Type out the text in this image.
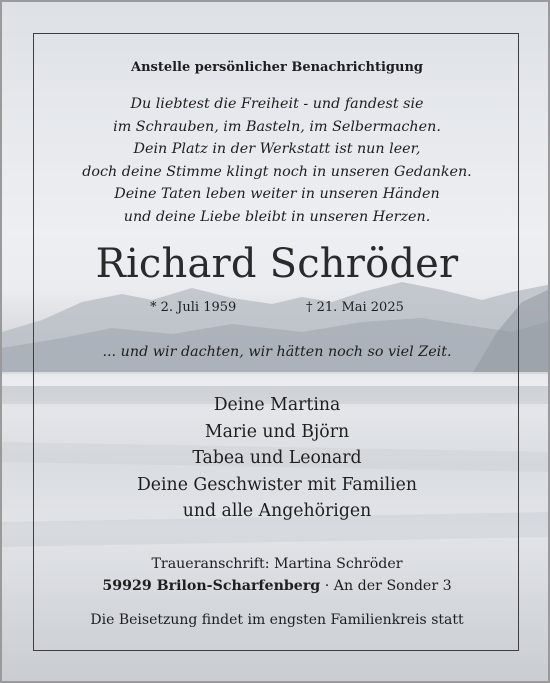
Anstelle persönlicher Benachrichtigung
Du liebtest die Freiheit - und fandest sie
im Schrauben, im Basteln, im Selbermachen.
Dein Platz in der Werkstatt ist nun leer,
doch deine Stimme klingt noch in unseren Gedanken.
Deine Taten leben weiter in unseren Händen
und deine Liebe bleibt in unseren Herzen.
Richard Schröder
* 2. Juli 1959	† 21. Mai 2025
... und wir dachten, wir hätten noch so viel Zeit.
Deine Martina
Marie und Björn
Tabea und Leonard
Deine Geschwister mit Familien
und alle Angehörigen
Traueranschrift: Martina Schröder
59929 Brilon-Scharfenberg · An der Sonder 3
Die Beisetzung findet im engsten Familienkreis statt
